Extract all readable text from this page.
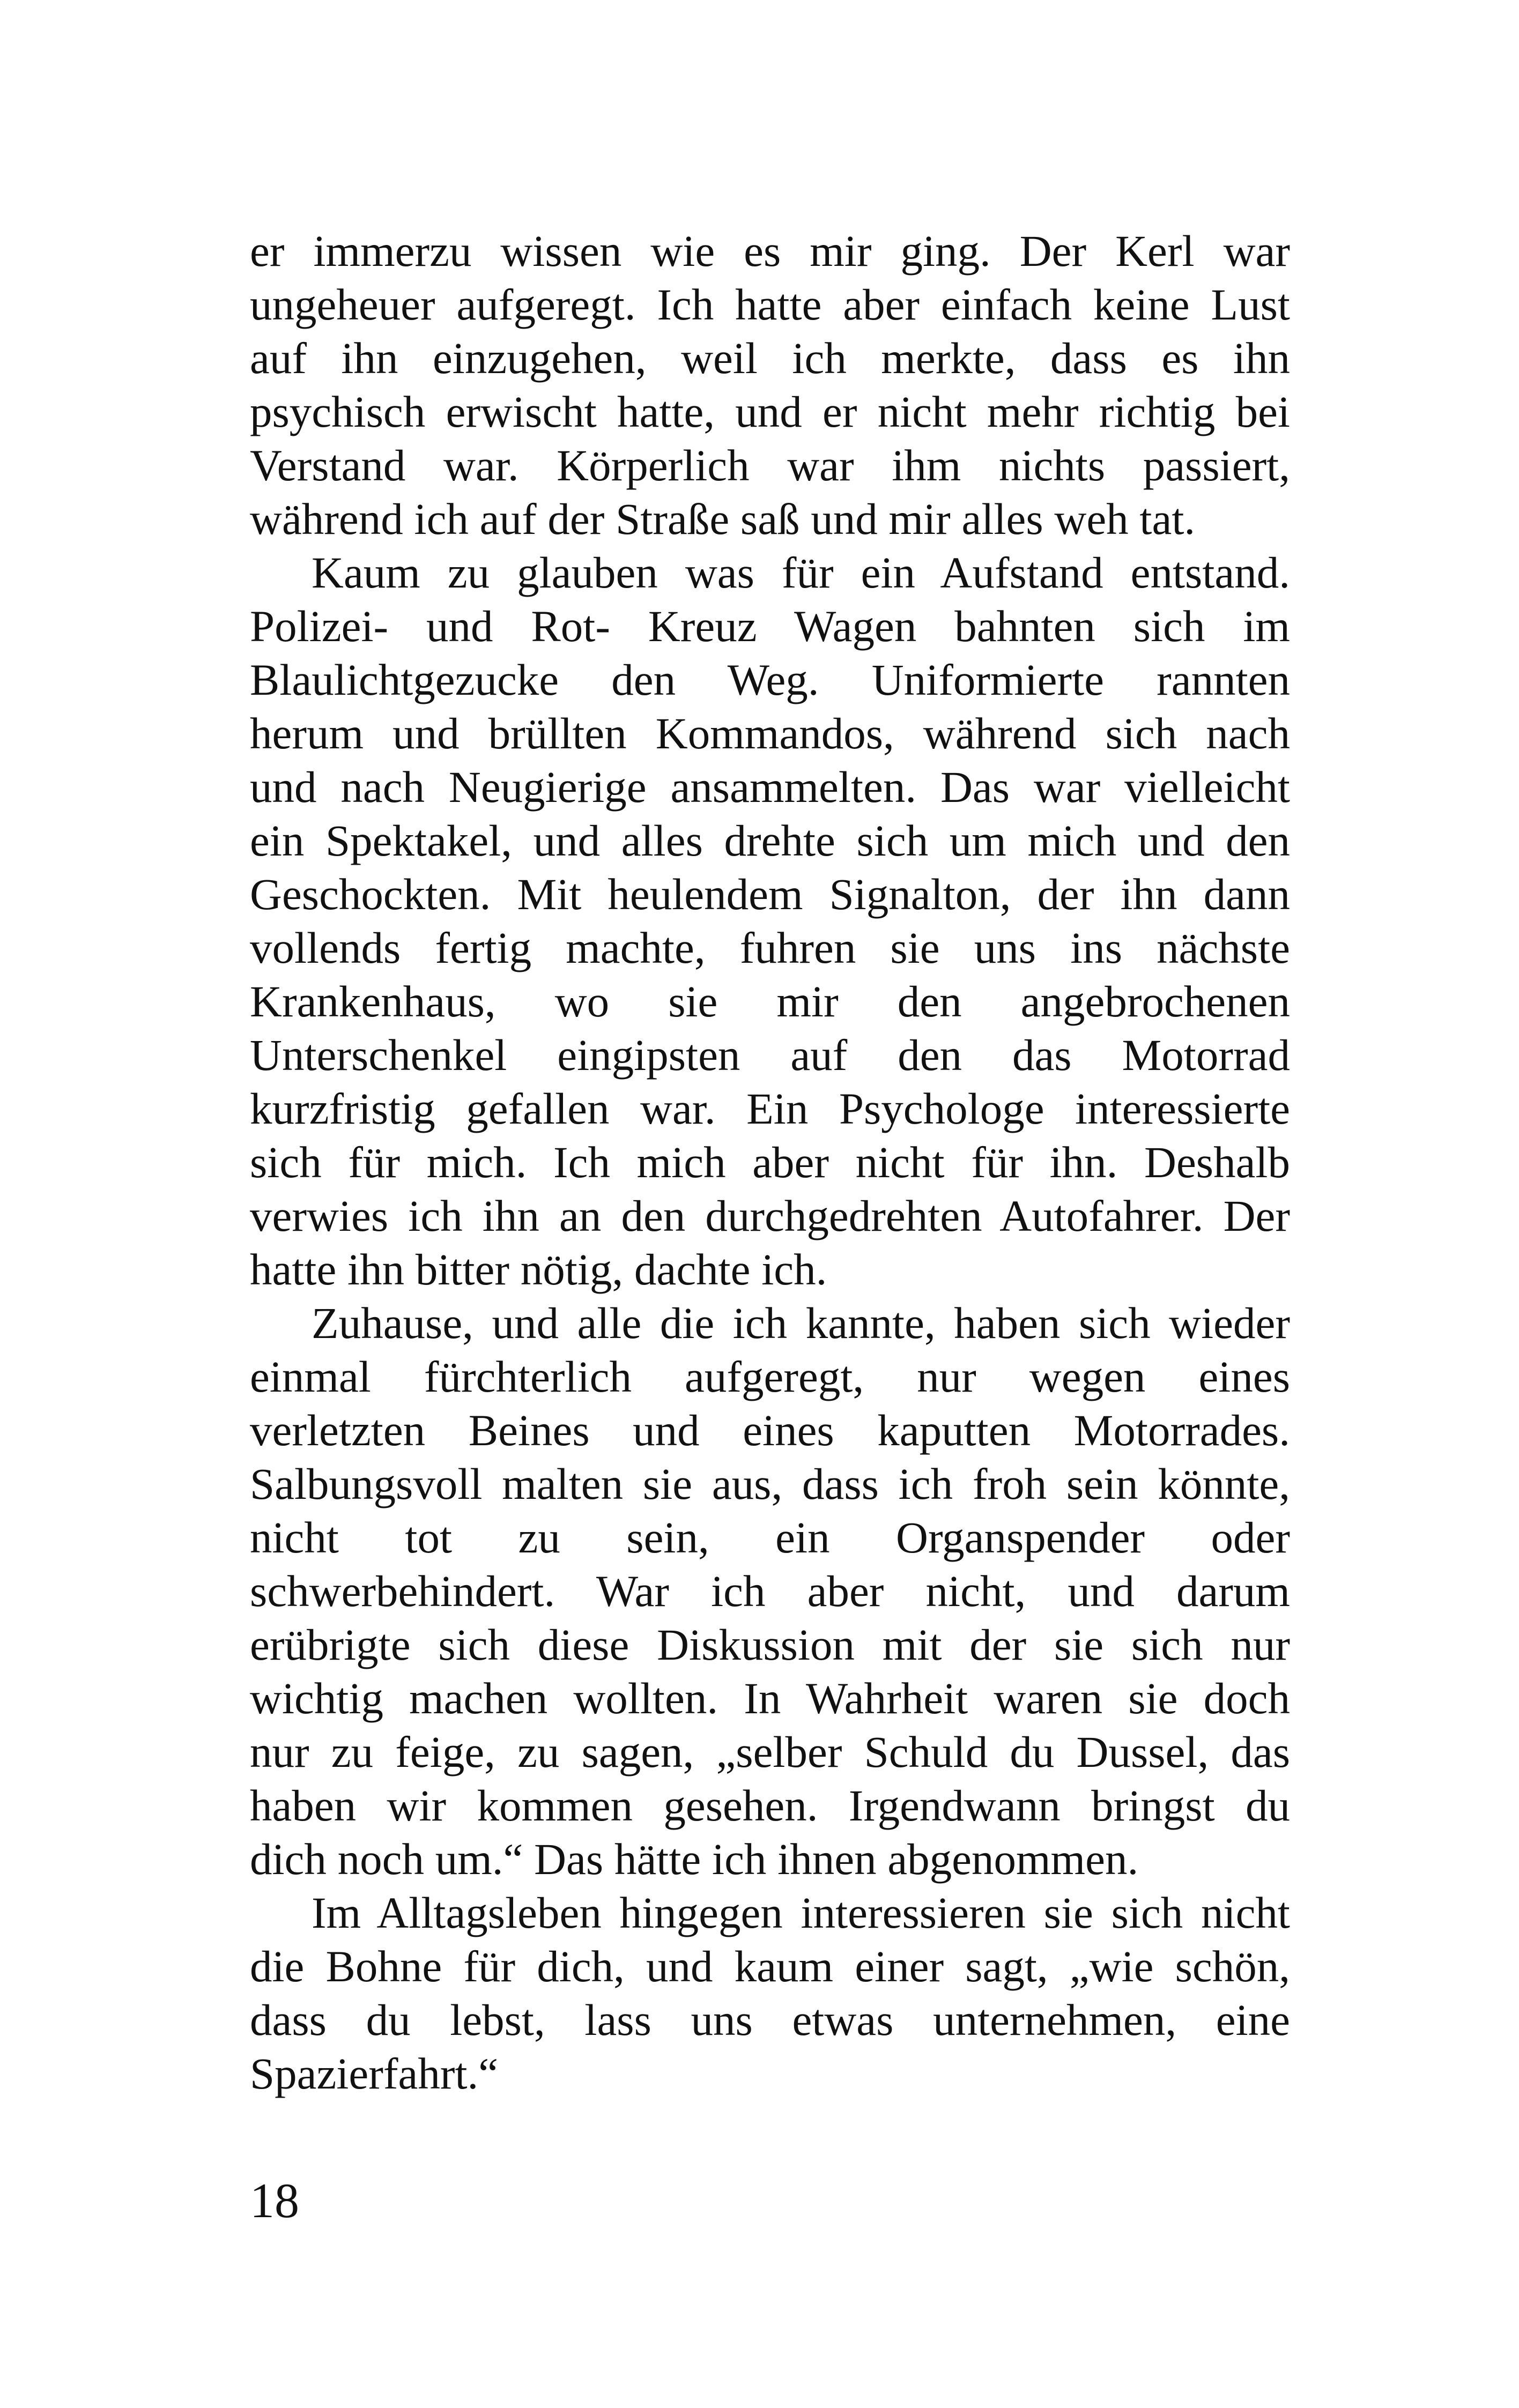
er immerzu wissen wie es mir ging. Der Kerl war
ungeheuer aufgeregt. Ich hatte aber einfach keine Lust
auf ihn einzugehen, weil ich merkte, dass es ihn
psychisch erwischt hatte, und er nicht mehr richtig bei
Verstand war. Körperlich war ihm nichts passiert,
während ich auf der Straße saß und mir alles weh tat.
Kaum zu glauben was für ein Aufstand entstand.
Polizei- und Rot- Kreuz Wagen bahnten sich im
Blaulichtgezucke den Weg. Uniformierte rannten
herum und brüllten Kommandos, während sich nach
und nach Neugierige ansammelten. Das war vielleicht
ein Spektakel, und alles drehte sich um mich und den
Geschockten. Mit heulendem Signalton, der ihn dann
vollends fertig machte, fuhren sie uns ins nächste
Krankenhaus, wo sie mir den angebrochenen
Unterschenkel eingipsten auf den das Motorrad
kurzfristig gefallen war. Ein Psychologe interessierte
sich für mich. Ich mich aber nicht für ihn. Deshalb
verwies ich ihn an den durchgedrehten Autofahrer. Der
hatte ihn bitter nötig, dachte ich.
Zuhause, und alle die ich kannte, haben sich wieder
einmal fürchterlich aufgeregt, nur wegen eines
verletzten Beines und eines kaputten Motorrades.
Salbungsvoll malten sie aus, dass ich froh sein könnte,
nicht tot zu sein, ein Organspender oder
schwerbehindert. War ich aber nicht, und darum
erübrigte sich diese Diskussion mit der sie sich nur
wichtig machen wollten. In Wahrheit waren sie doch
nur zu feige, zu sagen, „selber Schuld du Dussel, das
haben wir kommen gesehen. Irgendwann bringst du
dich noch um.“ Das hätte ich ihnen abgenommen.
Im Alltagsleben hingegen interessieren sie sich nicht
die Bohne für dich, und kaum einer sagt, „wie schön,
dass du lebst, lass uns etwas unternehmen, eine
Spazierfahrt.“
18
